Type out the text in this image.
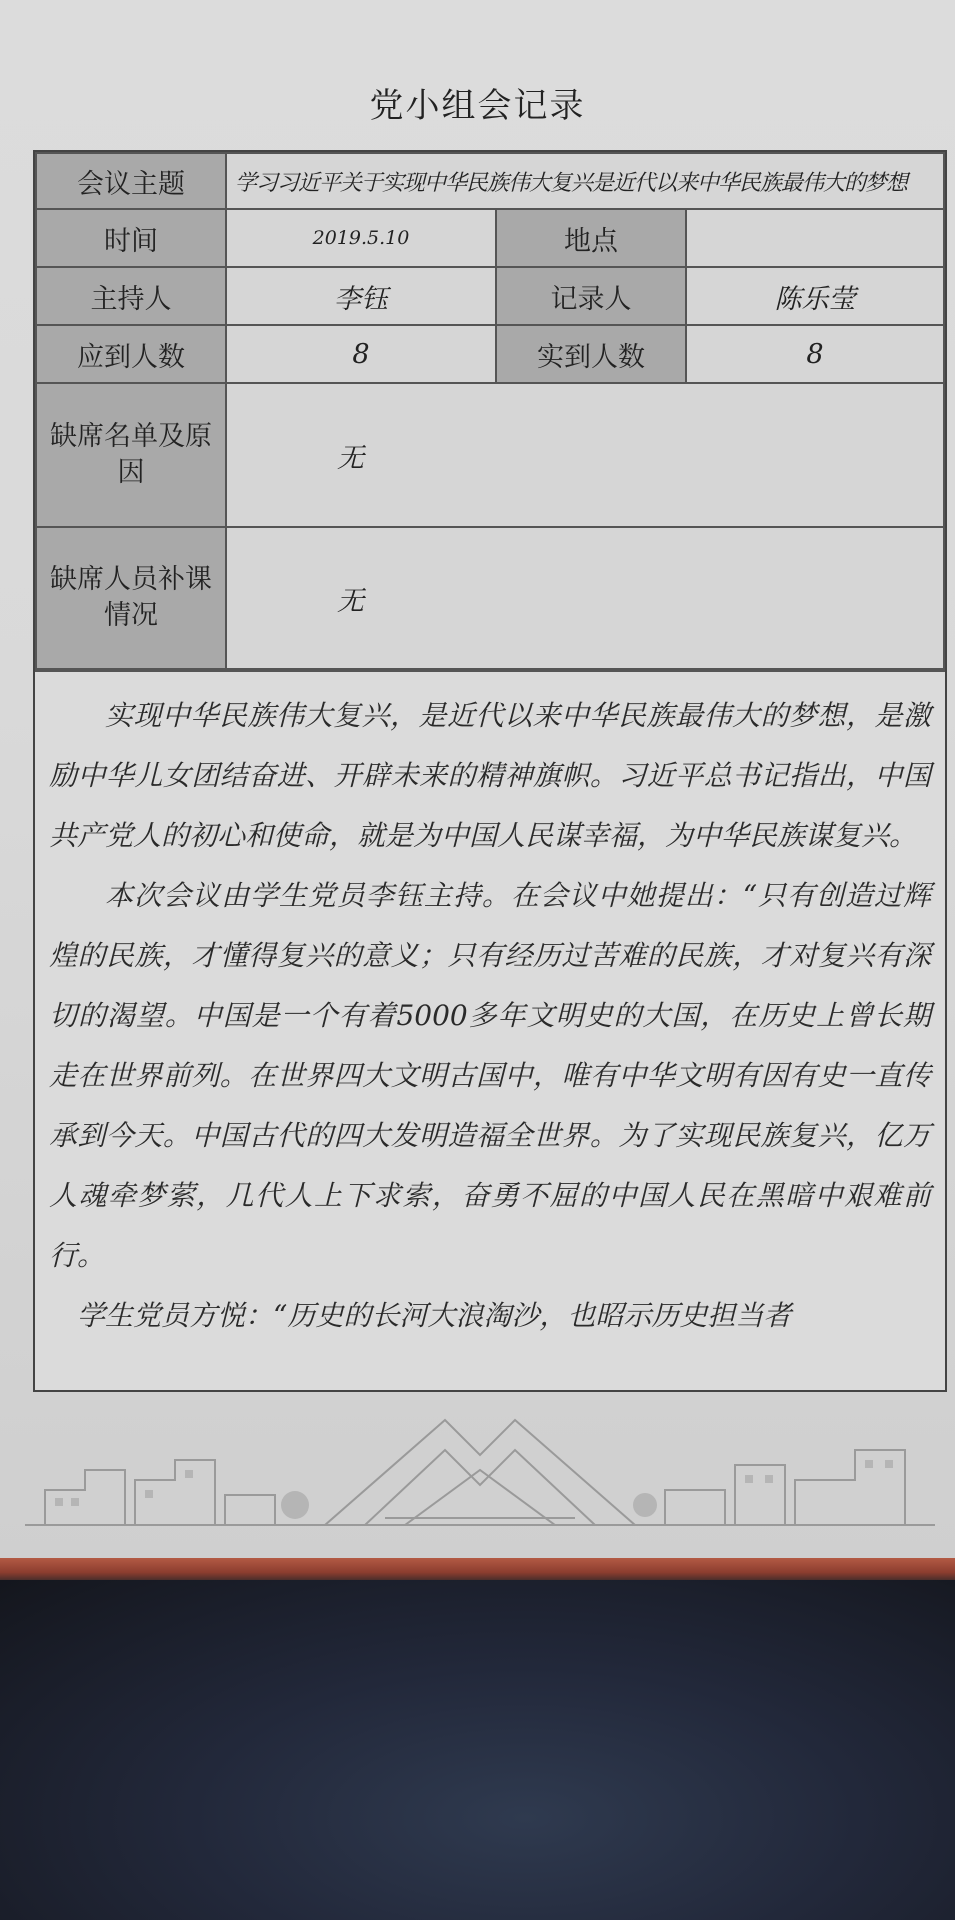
党小组会记录
会议主题	学习习近平关于实现中华民族伟大复兴是近代以来中华民族最伟大的梦想		
时间	2019.5.10	地点	
主持人	李钰	记录人	陈乐莹
应到人数	8	实到人数	8
缺席名单及原因	无		
缺席人员补课情况	无		

实现中华民族伟大复兴，是近代以来中华民族最伟大的梦想，是激励中华儿女团结奋进、开辟未来的精神旗帜。习近平总书记指出，中国共产党人的初心和使命，就是为中国人民谋幸福，为中华民族谋复兴。

本次会议由学生党员李钰主持。在会议中她提出：“只有创造过辉煌的民族，才懂得复兴的意义；只有经历过苦难的民族，才对复兴有深切的渴望。中国是一个有着5000多年文明史的大国，在历史上曾长期走在世界前列。在世界四大文明古国中，唯有中华文明有因有史一直传承到今天。中国古代的四大发明造福全世界。为了实现民族复兴，亿万人魂牵梦萦，几代人上下求索，奋勇不屈的中国人民在黑暗中艰难前行。

学生党员方悦：“历史的长河大浪淘沙，也昭示历史担当者
